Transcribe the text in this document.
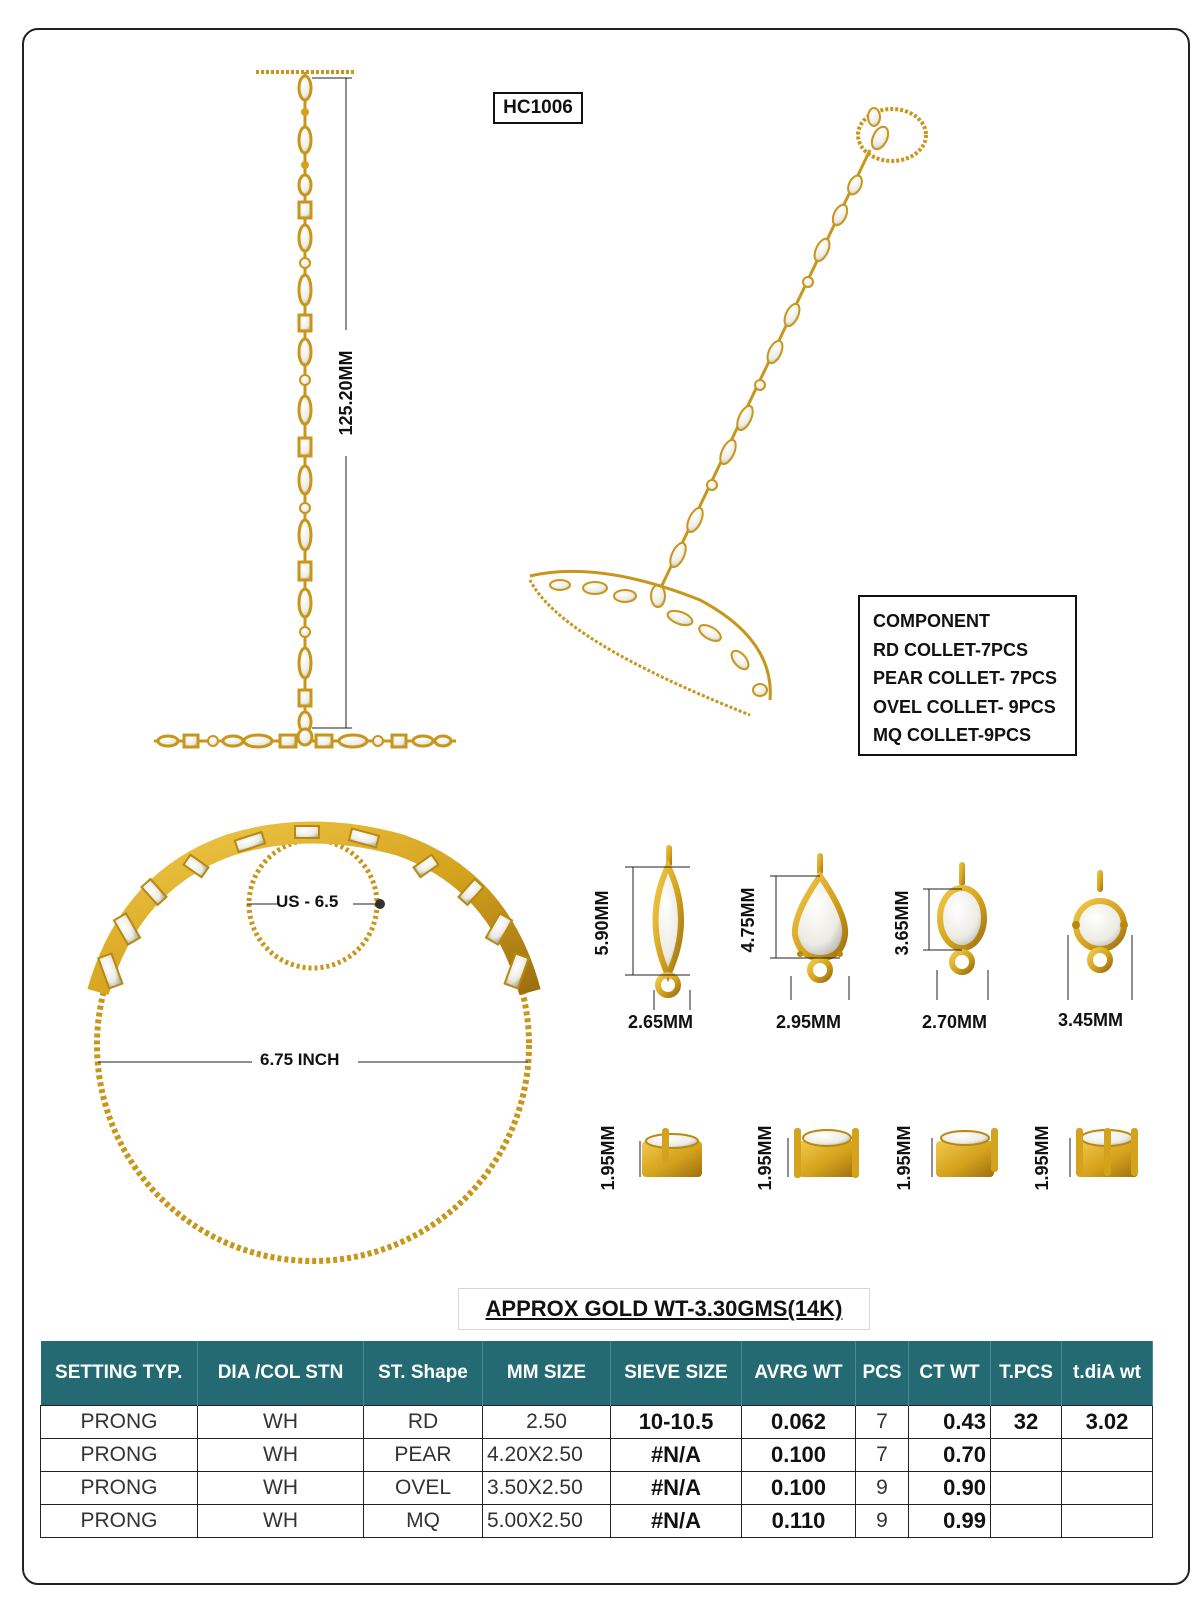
HC1006
COMPONENT
RD COLLET-7PCS
PEAR COLLET- 7PCS
OVEL COLLET- 9PCS
MQ COLLET-9PCS
125.20MM
US - 6.5
6.75 INCH
5.90MM	4.75MM	3.65MM
2.65MM	2.95MM	2.70MM	3.45MM
1.95MM	1.95MM	1.95MM	1.95MM
APPROX GOLD WT-3.30GMS(14K)
SETTING TYP.	DIA /COL STN	ST. Shape	MM SIZE	SIEVE SIZE	AVRG WT	PCS	CT WT	T.PCS	t.diA wt
PRONG	WH	RD	2.50	10-10.5	0.062	7	0.43	32	3.02
PRONG	WH	PEAR	4.20X2.50	#N/A	0.100	7	0.70		
PRONG	WH	OVEL	3.50X2.50	#N/A	0.100	9	0.90		
PRONG	WH	MQ	5.00X2.50	#N/A	0.110	9	0.99		
